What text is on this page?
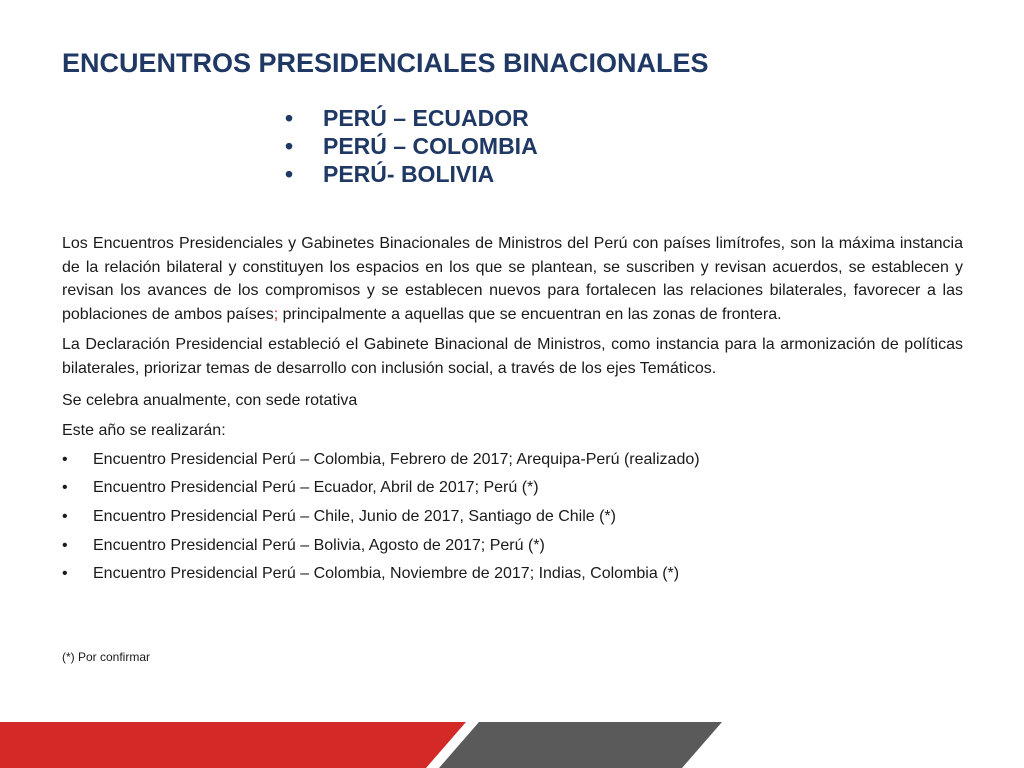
ENCUENTROS PRESIDENCIALES BINACIONALES
• PERÚ – ECUADOR
• PERÚ – COLOMBIA
• PERÚ- BOLIVIA

Los Encuentros Presidenciales y Gabinetes Binacionales de Ministros del Perú con países limítrofes, son la máxima instancia de la relación bilateral y constituyen los espacios en los que se plantean, se suscriben y revisan acuerdos, se establecen y revisan los avances de los compromisos y se establecen nuevos para fortalecen las relaciones bilaterales, favorecer a las poblaciones de ambos países; principalmente a aquellas que se encuentran en las zonas de frontera.

La Declaración Presidencial estableció el Gabinete Binacional de Ministros, como instancia para la armonización de políticas bilaterales, priorizar temas de desarrollo con inclusión social, a través de los ejes Temáticos.

Se celebra anualmente, con sede rotativa

Este año se realizarán:

• Encuentro Presidencial Perú – Colombia, Febrero de 2017; Arequipa-Perú (realizado)
• Encuentro Presidencial Perú – Ecuador, Abril de 2017; Perú (*)
• Encuentro Presidencial Perú – Chile, Junio de 2017, Santiago de Chile (*)
• Encuentro Presidencial Perú – Bolivia, Agosto de 2017; Perú (*)
• Encuentro Presidencial Perú – Colombia, Noviembre de 2017; Indias, Colombia (*)
(*) Por confirmar
